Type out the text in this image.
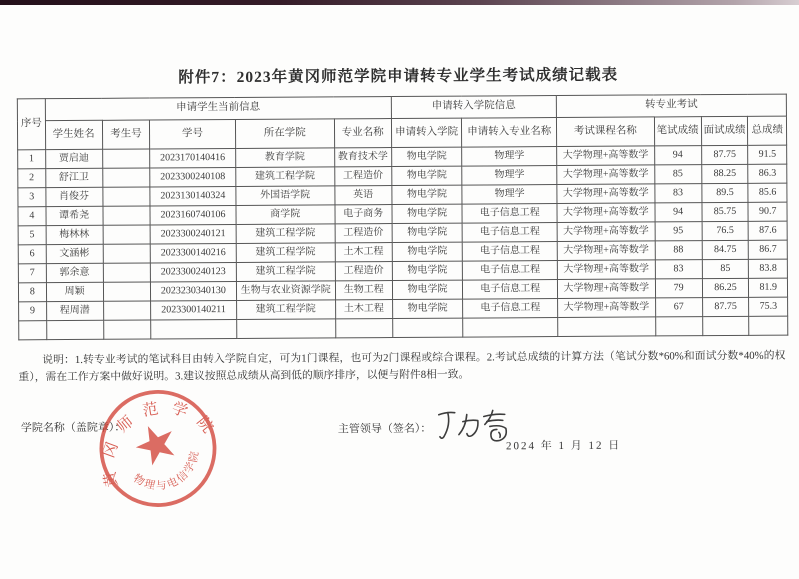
附件7：2023年黄冈师范学院申请转专业学生考试成绩记载表
序号	申请学生当前信息					申请转入学院信息		转专业考试			
	学生姓名	考生号	学号	所在学院	专业名称	申请转入学院	申请转入专业名称	考试课程名称	笔试成绩	面试成绩	总成绩
1	贾启迪		2023170140416	教育学院	教育技术学	物电学院	物理学	大学物理+高等数学	94	87.75	91.5
2	舒江卫		2023300240108	建筑工程学院	工程造价	物电学院	物理学	大学物理+高等数学	85	88.25	86.3
3	肖俊芬		2023130140324	外国语学院	英语	物电学院	物理学	大学物理+高等数学	83	89.5	85.6
4	谭希尧		2023160740106	商学院	电子商务	物电学院	电子信息工程	大学物理+高等数学	94	85.75	90.7
5	梅林林		2023300240121	建筑工程学院	工程造价	物电学院	电子信息工程	大学物理+高等数学	95	76.5	87.6
6	文涵彬		2023300140216	建筑工程学院	土木工程	物电学院	电子信息工程	大学物理+高等数学	88	84.75	86.7
7	郭余意		2023300240123	建筑工程学院	工程造价	物电学院	电子信息工程	大学物理+高等数学	83	85	83.8
8	周颖		2023230340130	生物与农业资源学院	生物工程	物电学院	电子信息工程	大学物理+高等数学	79	86.25	81.9
9	程周潜		2023300140211	建筑工程学院	土木工程	物电学院	电子信息工程	大学物理+高等数学	67	87.75	75.3

说明：1.转专业考试的笔试科目由转入学院自定，可为1门课程，也可为2门课程或综合课程。2.考试总成绩的计算方法（笔试分数*60%和面试分数*40%的权重），需在工作方案中做好说明。3.建议按照总成绩从高到低的顺序排序，以便与附件8相一致。
学院名称（盖院章）：	主管领导（签名）：
2024 年 1 月 12 日
黄冈师范学院
物理与电信学院
